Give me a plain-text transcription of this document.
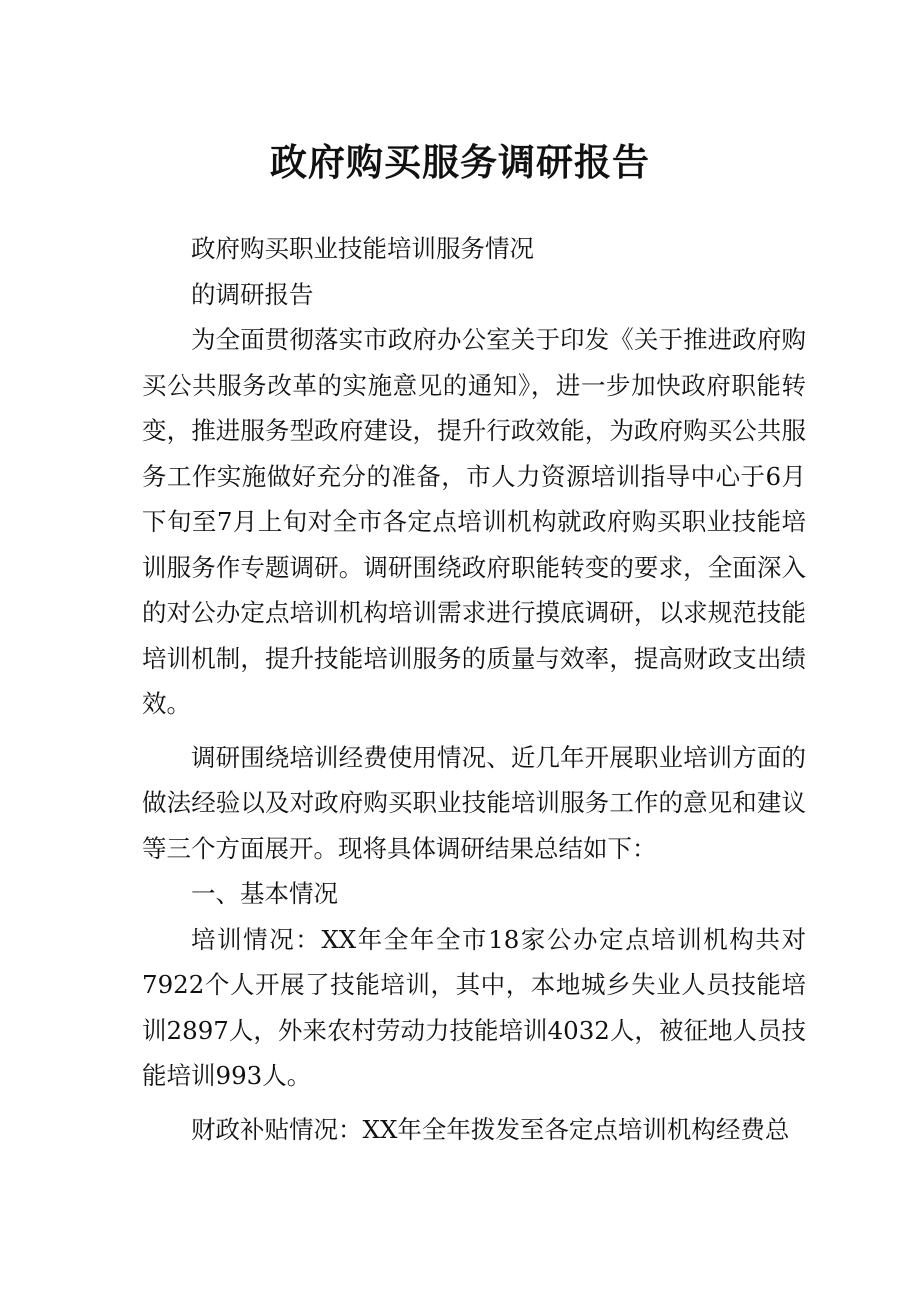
政府购买服务调研报告

政府购买职业技能培训服务情况

的调研报告

为全面贯彻落实市政府办公室关于印发《关于推进政府购买公共服务改革的实施意见的通知》，进一步加快政府职能转变，推进服务型政府建设，提升行政效能，为政府购买公共服务工作实施做好充分的准备，市人力资源培训指导中心于6月下旬至7月上旬对全市各定点培训机构就政府购买职业技能培训服务作专题调研。调研围绕政府职能转变的要求，全面深入的对公办定点培训机构培训需求进行摸底调研，以求规范技能培训机制，提升技能培训服务的质量与效率，提高财政支出绩效。

调研围绕培训经费使用情况、近几年开展职业培训方面的做法经验以及对政府购买职业技能培训服务工作的意见和建议等三个方面展开。现将具体调研结果总结如下：

一、基本情况

培训情况：XX年全年全市18家公办定点培训机构共对7922个人开展了技能培训，其中，本地城乡失业人员技能培训2897人，外来农村劳动力技能培训4032人，被征地人员技能培训993人。

财政补贴情况：XX年全年拨发至各定点培训机构经费总
